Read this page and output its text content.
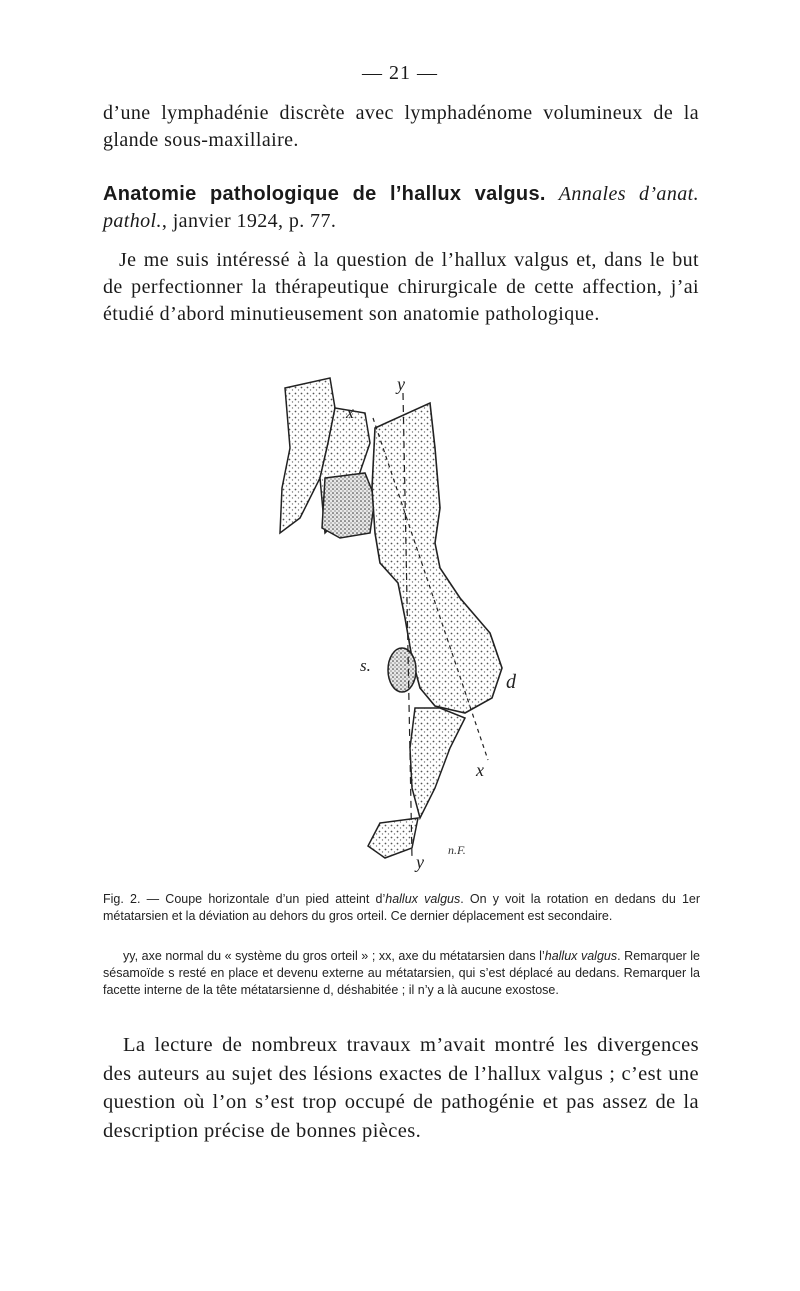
— 21 —

d’une lymphadénie discrète avec lymphadénome volumineux de la glande sous-maxillaire.

Anatomie pathologique de l’hallux valgus. Annales d’anat. pathol., janvier 1924, p. 77.

Je me suis intéressé à la question de l’hallux valgus et, dans le but de perfectionner la thérapeutique chirurgicale de cette affection, j’ai étudié d’abord minutieusement son anatomie pathologique.

y
x
s.
d
x
y
n.F.

Fig. 2. — Coupe horizontale d’un pied atteint d’hallux valgus. On y voit la rotation en dedans du 1er métatarsien et la déviation au dehors du gros orteil. Ce dernier déplacement est secondaire.

yy, axe normal du « système du gros orteil » ; xx, axe du métatarsien dans l’hallux valgus. Remarquer le sésamoïde s resté en place et devenu externe au métatarsien, qui s’est déplacé au dedans. Remarquer la facette interne de la tête métatarsienne d, déshabitée ; il n’y a là aucune exostose.

La lecture de nombreux travaux m’avait montré les divergences des auteurs au sujet des lésions exactes de l’hallux valgus ; c’est une question où l’on s’est trop occupé de pathogénie et pas assez de la description précise de bonnes pièces.
